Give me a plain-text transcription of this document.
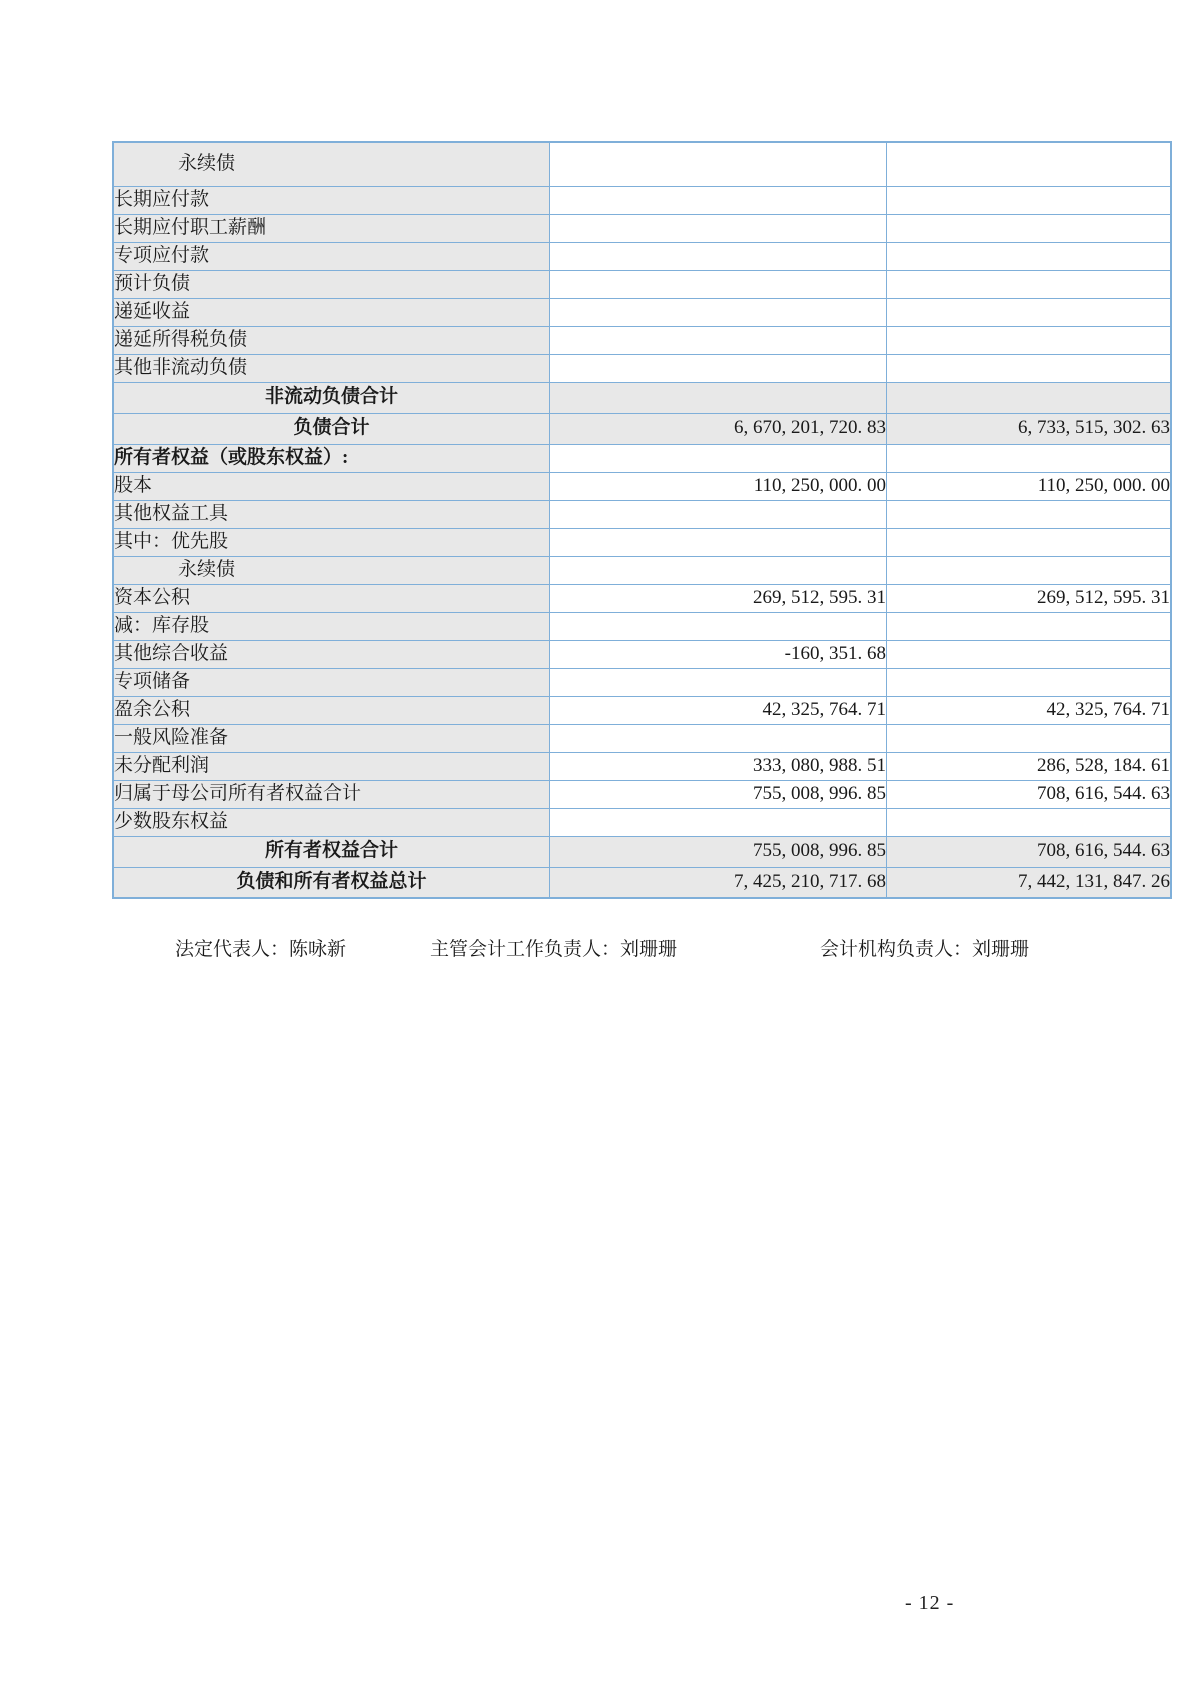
永续债		
长期应付款		
长期应付职工薪酬		
专项应付款		
预计负债		
递延收益		
递延所得税负债		
其他非流动负债		
非流动负债合计		
负债合计	6, 670, 201, 720. 83	6, 733, 515, 302. 63
所有者权益（或股东权益）:		
股本	110, 250, 000. 00	110, 250, 000. 00
其他权益工具		
其中：优先股		
永续债		
资本公积	269, 512, 595. 31	269, 512, 595. 31
减：库存股		
其他综合收益	-160, 351. 68	
专项储备		
盈余公积	42, 325, 764. 71	42, 325, 764. 71
一般风险准备		
未分配利润	333, 080, 988. 51	286, 528, 184. 61
归属于母公司所有者权益合计	755, 008, 996. 85	708, 616, 544. 63
少数股东权益		
所有者权益合计	755, 008, 996. 85	708, 616, 544. 63
负债和所有者权益总计	7, 425, 210, 717. 68	7, 442, 131, 847. 26
法定代表人：陈咏新	主管会计工作负责人：刘珊珊	会计机构负责人：刘珊珊
- 12 -
